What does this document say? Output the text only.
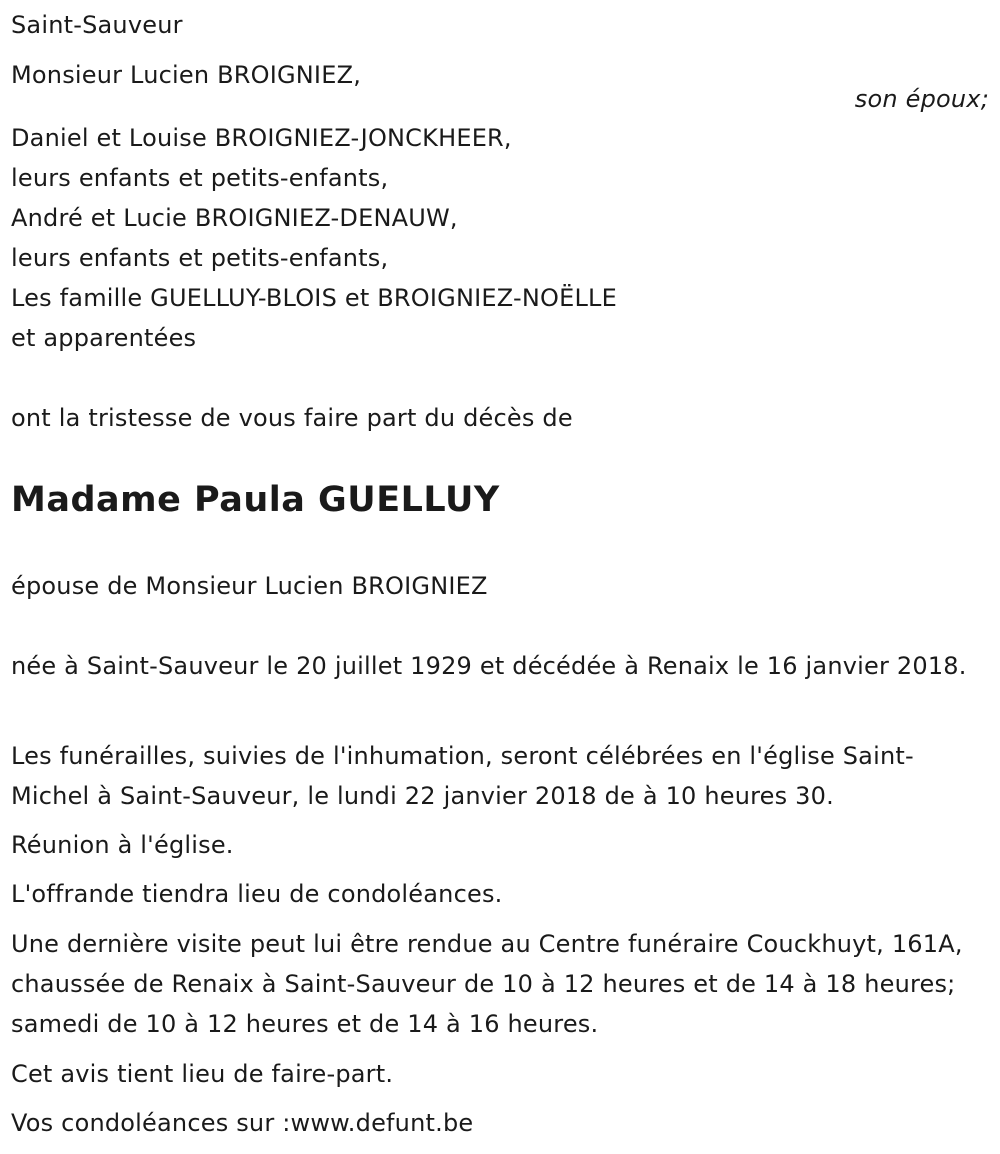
Saint-Sauveur
Monsieur Lucien BROIGNIEZ,
son époux;
Daniel et Louise BROIGNIEZ-JONCKHEER,
leurs enfants et petits-enfants,
André et Lucie BROIGNIEZ-DENAUW,
leurs enfants et petits-enfants,
Les famille GUELLUY-BLOIS et BROIGNIEZ-NOËLLE
et apparentées
ont la tristesse de vous faire part du décès de
Madame Paula GUELLUY
épouse de Monsieur Lucien BROIGNIEZ
née à Saint-Sauveur le 20 juillet 1929 et décédée à Renaix le 16 janvier 2018.
Les funérailles, suivies de l'inhumation, seront célébrées en l'église Saint-Michel à Saint-Sauveur, le lundi 22 janvier 2018 de à 10 heures 30.
Réunion à l'église.
L'offrande tiendra lieu de condoléances.
Une dernière visite peut lui être rendue au Centre funéraire Couckhuyt, 161A, chaussée de Renaix à Saint-Sauveur de 10 à 12 heures et de 14 à 18 heures; samedi de 10 à 12 heures et de 14 à 16 heures.
Cet avis tient lieu de faire-part.
Vos condoléances sur :www.defunt.be
